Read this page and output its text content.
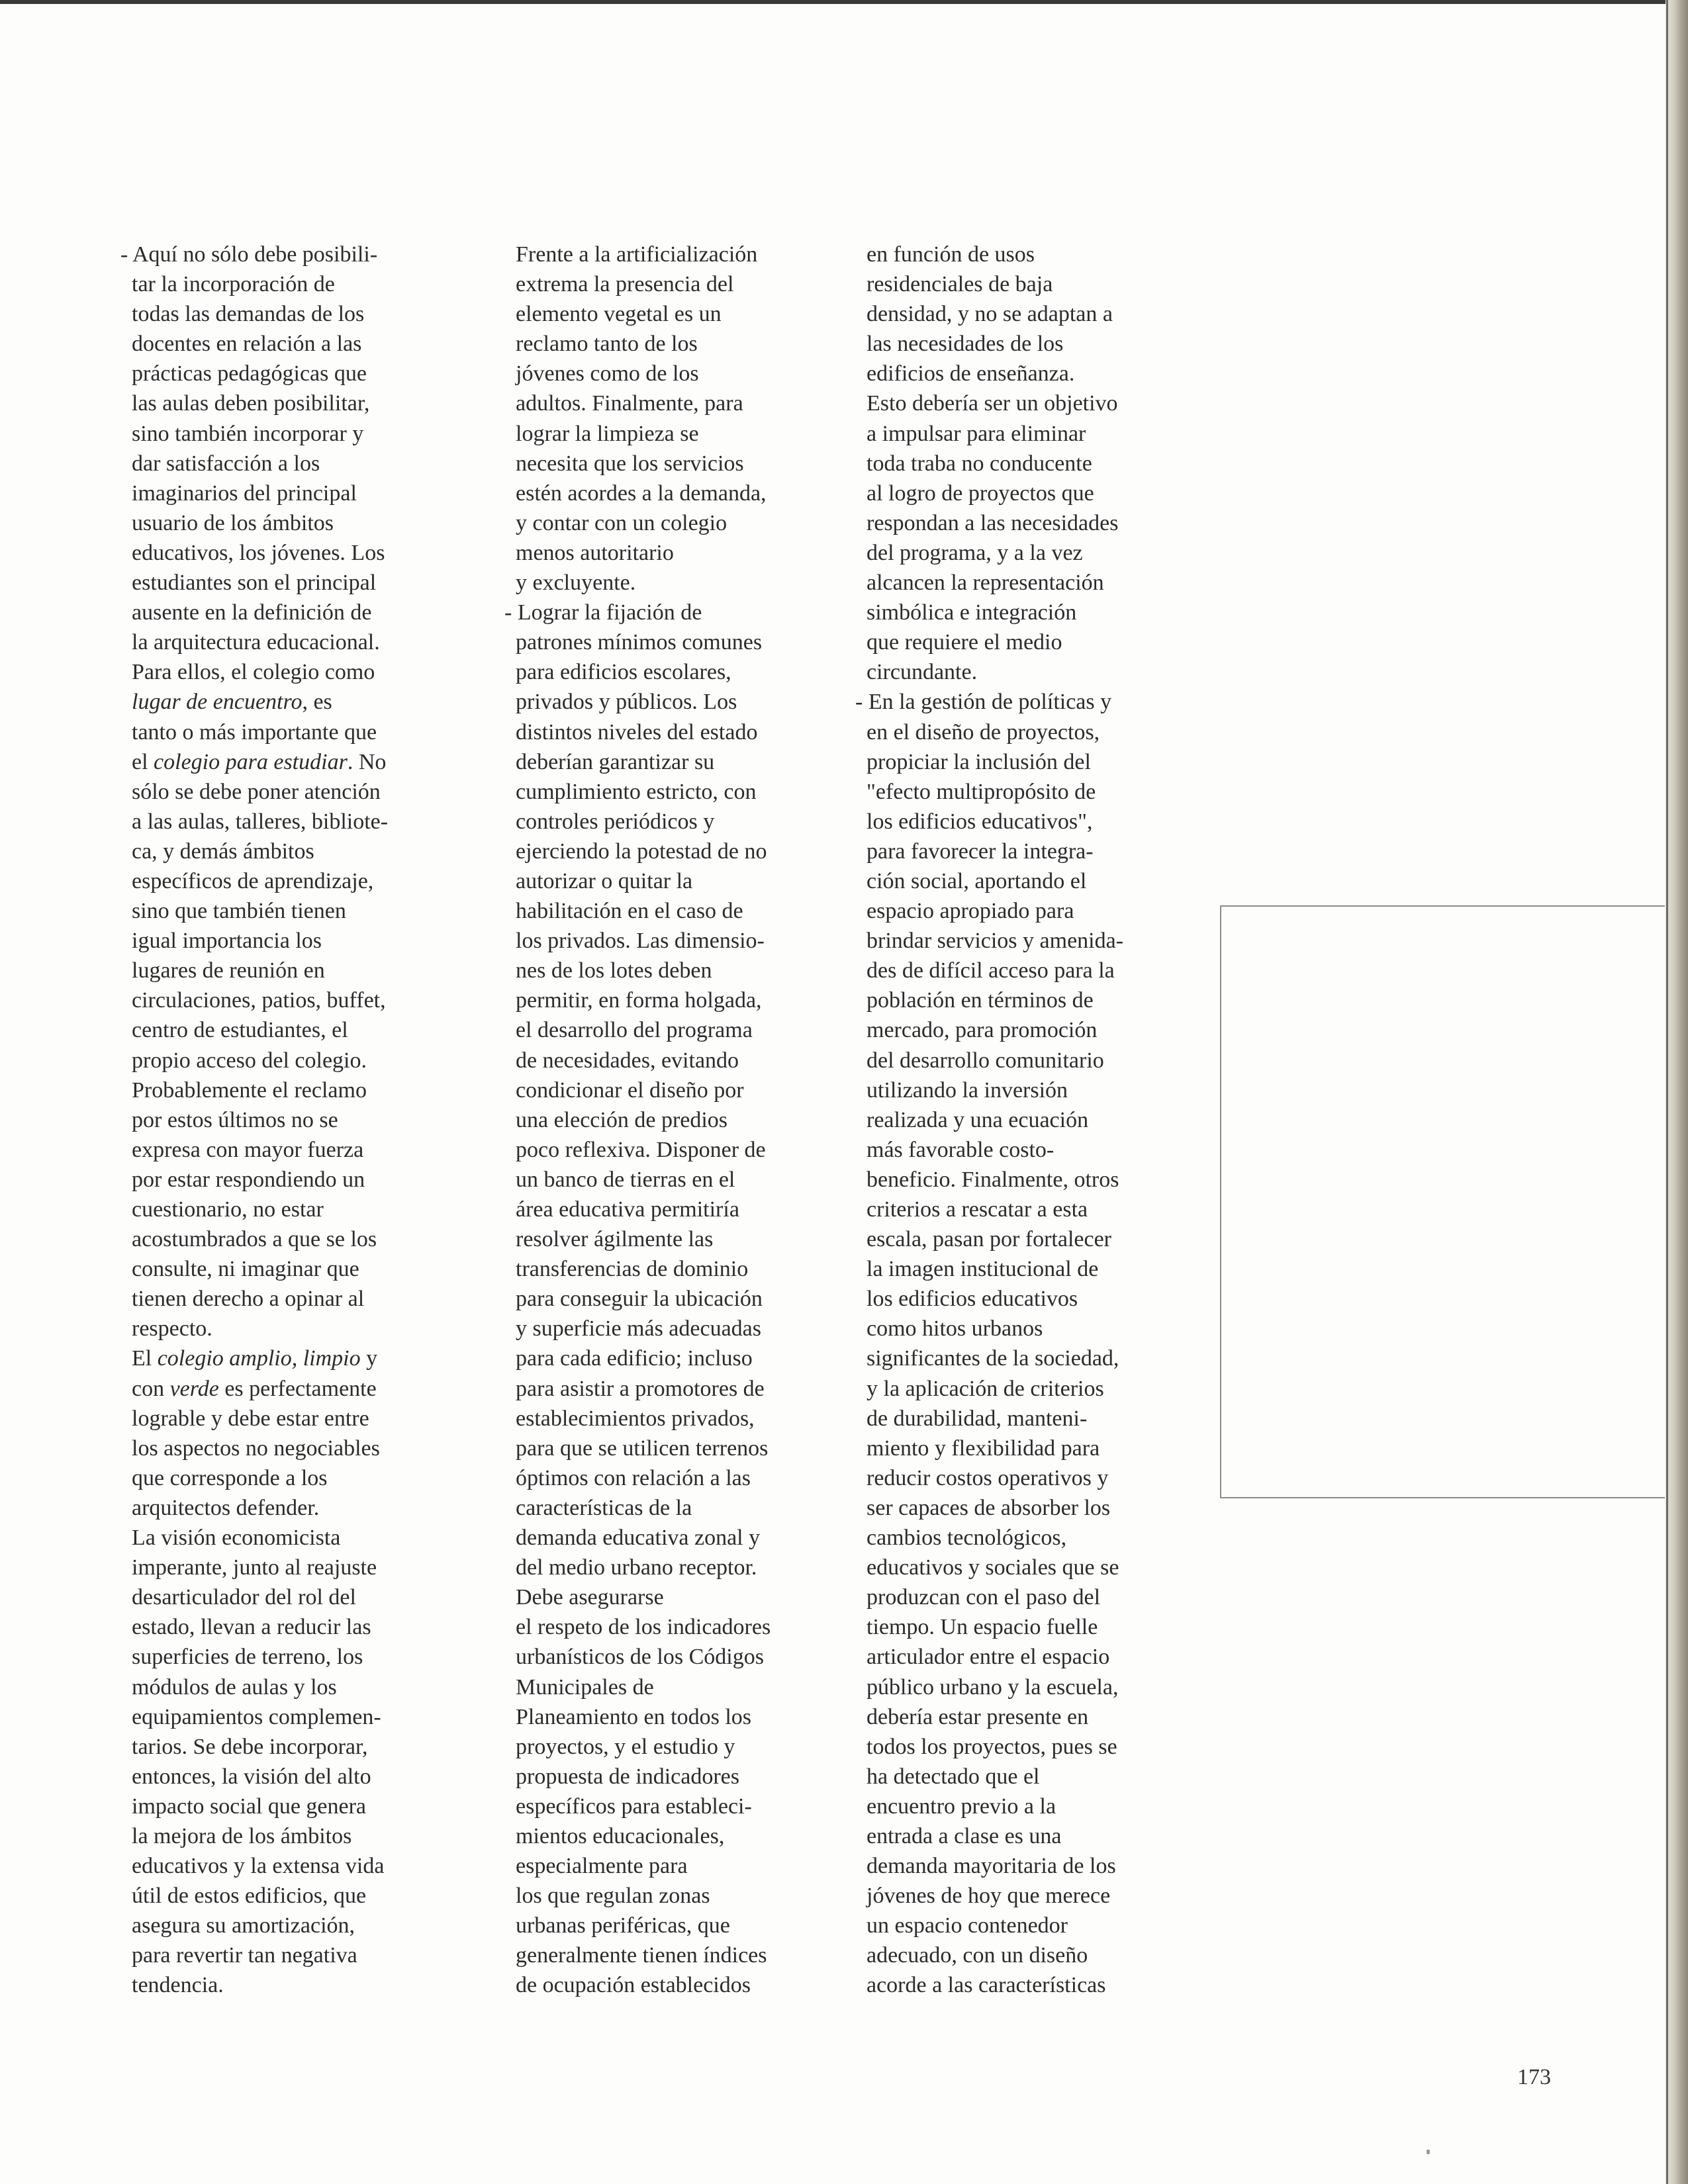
- Aquí no sólo debe posibili-
tar la incorporación de
todas las demandas de los
docentes en relación a las
prácticas pedagógicas que
las aulas deben posibilitar,
sino también incorporar y
dar satisfacción a los
imaginarios del principal
usuario de los ámbitos
educativos, los jóvenes. Los
estudiantes son el principal
ausente en la definición de
la arquitectura educacional.
Para ellos, el colegio como
lugar de encuentro, es
tanto o más importante que
el colegio para estudiar. No
sólo se debe poner atención
a las aulas, talleres, bibliote-
ca, y demás ámbitos
específicos de aprendizaje,
sino que también tienen
igual importancia los
lugares de reunión en
circulaciones, patios, buffet,
centro de estudiantes, el
propio acceso del colegio.
Probablemente el reclamo
por estos últimos no se
expresa con mayor fuerza
por estar respondiendo un
cuestionario, no estar
acostumbrados a que se los
consulte, ni imaginar que
tienen derecho a opinar al
respecto.
El colegio amplio, limpio y
con verde es perfectamente
lograble y debe estar entre
los aspectos no negociables
que corresponde a los
arquitectos defender.
La visión economicista
imperante, junto al reajuste
desarticulador del rol del
estado, llevan a reducir las
superficies de terreno, los
módulos de aulas y los
equipamientos complemen-
tarios. Se debe incorporar,
entonces, la visión del alto
impacto social que genera
la mejora de los ámbitos
educativos y la extensa vida
útil de estos edificios, que
asegura su amortización,
para revertir tan negativa
tendencia.
Frente a la artificialización
extrema la presencia del
elemento vegetal es un
reclamo tanto de los
jóvenes como de los
adultos. Finalmente, para
lograr la limpieza se
necesita que los servicios
estén acordes a la demanda,
y contar con un colegio
menos autoritario
y excluyente.
- Lograr la fijación de
patrones mínimos comunes
para edificios escolares,
privados y públicos. Los
distintos niveles del estado
deberían garantizar su
cumplimiento estricto, con
controles periódicos y
ejerciendo la potestad de no
autorizar o quitar la
habilitación en el caso de
los privados. Las dimensio-
nes de los lotes deben
permitir, en forma holgada,
el desarrollo del programa
de necesidades, evitando
condicionar el diseño por
una elección de predios
poco reflexiva. Disponer de
un banco de tierras en el
área educativa permitiría
resolver ágilmente las
transferencias de dominio
para conseguir la ubicación
y superficie más adecuadas
para cada edificio; incluso
para asistir a promotores de
establecimientos privados,
para que se utilicen terrenos
óptimos con relación a las
características de la
demanda educativa zonal y
del medio urbano receptor.
Debe asegurarse
el respeto de los indicadores
urbanísticos de los Códigos
Municipales de
Planeamiento en todos los
proyectos, y el estudio y
propuesta de indicadores
específicos para estableci-
mientos educacionales,
especialmente para
los que regulan zonas
urbanas periféricas, que
generalmente tienen índices
de ocupación establecidos
en función de usos
residenciales de baja
densidad, y no se adaptan a
las necesidades de los
edificios de enseñanza.
Esto debería ser un objetivo
a impulsar para eliminar
toda traba no conducente
al logro de proyectos que
respondan a las necesidades
del programa, y a la vez
alcancen la representación
simbólica e integración
que requiere el medio
circundante.
- En la gestión de políticas y
en el diseño de proyectos,
propiciar la inclusión del
"efecto multipropósito de
los edificios educativos",
para favorecer la integra-
ción social, aportando el
espacio apropiado para
brindar servicios y amenida-
des de difícil acceso para la
población en términos de
mercado, para promoción
del desarrollo comunitario
utilizando la inversión
realizada y una ecuación
más favorable costo-
beneficio. Finalmente, otros
criterios a rescatar a esta
escala, pasan por fortalecer
la imagen institucional de
los edificios educativos
como hitos urbanos
significantes de la sociedad,
y la aplicación de criterios
de durabilidad, manteni-
miento y flexibilidad para
reducir costos operativos y
ser capaces de absorber los
cambios tecnológicos,
educativos y sociales que se
produzcan con el paso del
tiempo. Un espacio fuelle
articulador entre el espacio
público urbano y la escuela,
debería estar presente en
todos los proyectos, pues se
ha detectado que el
encuentro previo a la
entrada a clase es una
demanda mayoritaria de los
jóvenes de hoy que merece
un espacio contenedor
adecuado, con un diseño
acorde a las características
173
